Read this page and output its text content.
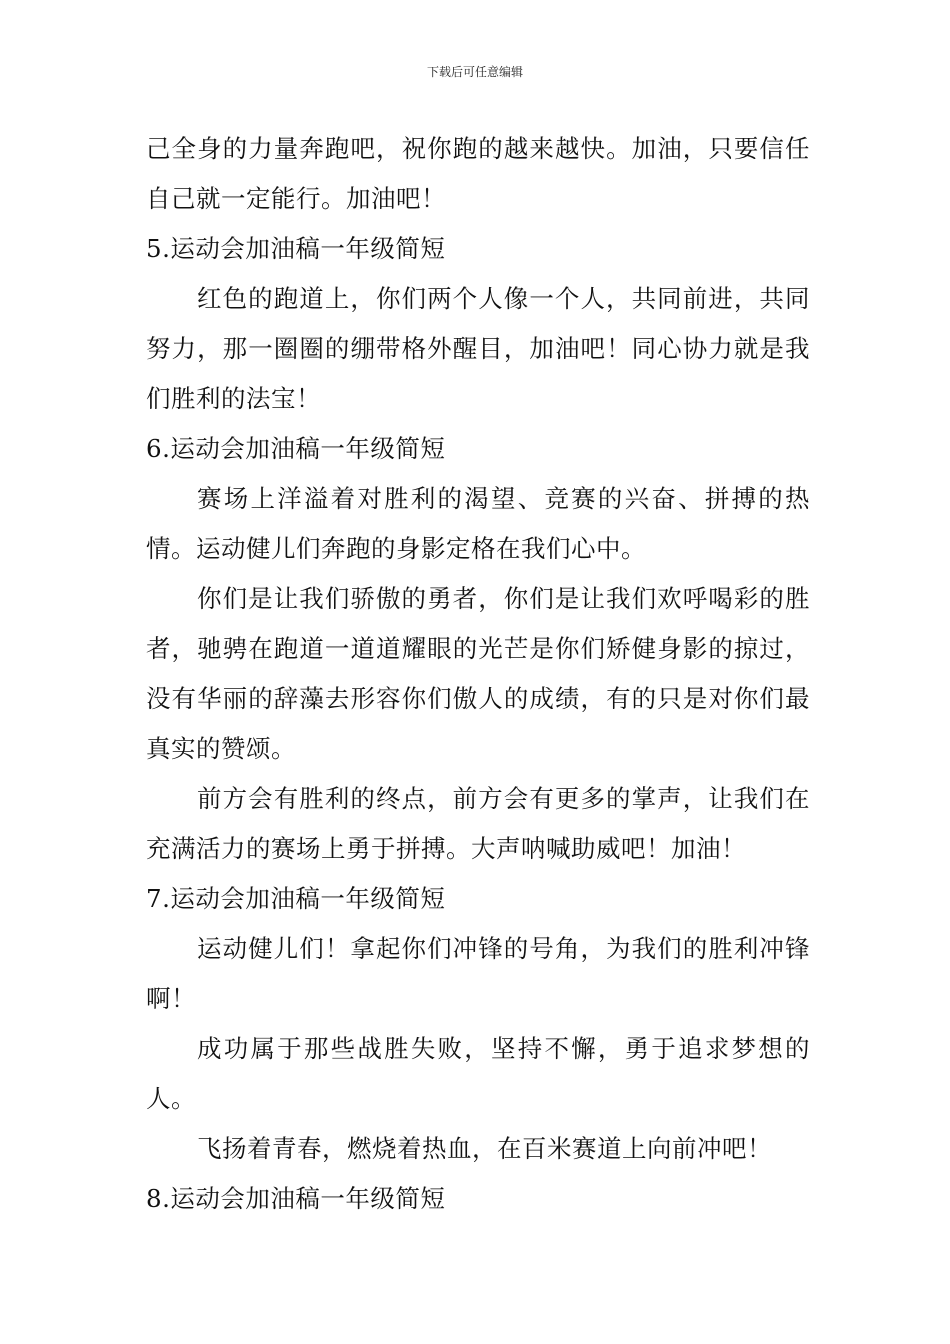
下载后可任意编辑

己全身的力量奔跑吧，祝你跑的越来越快。加油，只要信任自己就一定能行。加油吧！

5.运动会加油稿一年级简短

红色的跑道上，你们两个人像一个人，共同前进，共同努力，那一圈圈的绷带格外醒目，加油吧！同心协力就是我们胜利的法宝！

6.运动会加油稿一年级简短

赛场上洋溢着对胜利的渴望、竞赛的兴奋、拼搏的热情。运动健儿们奔跑的身影定格在我们心中。

你们是让我们骄傲的勇者，你们是让我们欢呼喝彩的胜者，驰骋在跑道一道道耀眼的光芒是你们矫健身影的掠过，没有华丽的辞藻去形容你们傲人的成绩，有的只是对你们最真实的赞颂。

前方会有胜利的终点，前方会有更多的掌声，让我们在充满活力的赛场上勇于拼搏。大声呐喊助威吧！加油！

7.运动会加油稿一年级简短

运动健儿们！拿起你们冲锋的号角，为我们的胜利冲锋啊！

成功属于那些战胜失败，坚持不懈，勇于追求梦想的人。

飞扬着青春，燃烧着热血，在百米赛道上向前冲吧！

8.运动会加油稿一年级简短
